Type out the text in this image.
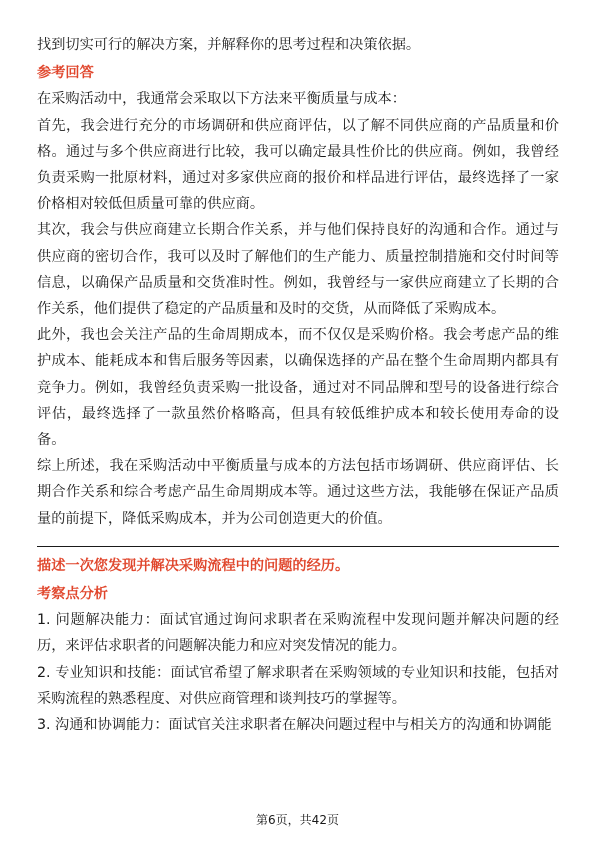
找到切实可行的解决方案，并解释你的思考过程和决策依据。

参考回答

在采购活动中，我通常会采取以下方法来平衡质量与成本：

首先，我会进行充分的市场调研和供应商评估，以了解不同供应商的产品质量和价格。通过与多个供应商进行比较，我可以确定最具性价比的供应商。例如，我曾经负责采购一批原材料，通过对多家供应商的报价和样品进行评估，最终选择了一家价格相对较低但质量可靠的供应商。

其次，我会与供应商建立长期合作关系，并与他们保持良好的沟通和合作。通过与供应商的密切合作，我可以及时了解他们的生产能力、质量控制措施和交付时间等信息，以确保产品质量和交货准时性。例如，我曾经与一家供应商建立了长期的合作关系，他们提供了稳定的产品质量和及时的交货，从而降低了采购成本。

此外，我也会关注产品的生命周期成本，而不仅仅是采购价格。我会考虑产品的维护成本、能耗成本和售后服务等因素，以确保选择的产品在整个生命周期内都具有竞争力。例如，我曾经负责采购一批设备，通过对不同品牌和型号的设备进行综合评估，最终选择了一款虽然价格略高，但具有较低维护成本和较长使用寿命的设备。

综上所述，我在采购活动中平衡质量与成本的方法包括市场调研、供应商评估、长期合作关系和综合考虑产品生命周期成本等。通过这些方法，我能够在保证产品质量的前提下，降低采购成本，并为公司创造更大的价值。

描述一次您发现并解决采购流程中的问题的经历。

考察点分析

1. 问题解决能力：面试官通过询问求职者在采购流程中发现问题并解决问题的经历，来评估求职者的问题解决能力和应对突发情况的能力。

2. 专业知识和技能：面试官希望了解求职者在采购领域的专业知识和技能，包括对采购流程的熟悉程度、对供应商管理和谈判技巧的掌握等。

3. 沟通和协调能力：面试官关注求职者在解决问题过程中与相关方的沟通和协调能

第6页，共42页
